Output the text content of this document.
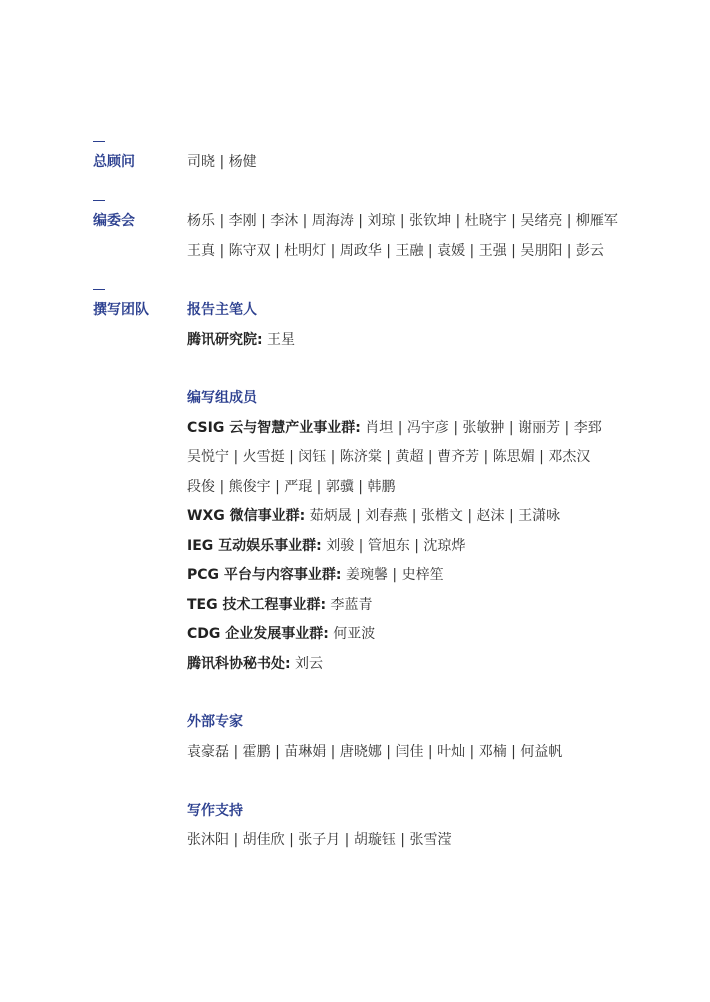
总顾问	司晓 | 杨健
编委会	杨乐 | 李刚 | 李沐 | 周海涛 | 刘琼 | 张钦坤 | 杜晓宇 | 吴绪亮 | 柳雁军
王真 | 陈守双 | 杜明灯 | 周政华 | 王融 | 袁媛 | 王强 | 吴朋阳 | 彭云
撰写团队	报告主笔人
腾讯研究院: 王星
编写组成员
CSIG 云与智慧产业事业群: 肖坦 | 冯宇彦 | 张敏翀 | 谢丽芳 | 李郅
吴悦宁 | 火雪挺 | 闵钰 | 陈济棠 | 黄超 | 曹齐芳 | 陈思媚 | 邓杰汉
段俊 | 熊俊宇 | 严琨 | 郭骥 | 韩鹏
WXG 微信事业群: 茹炳晟 | 刘春燕 | 张楷文 | 赵沫 | 王潇咏
IEG 互动娱乐事业群: 刘骏 | 管旭东 | 沈琼烨
PCG 平台与内容事业群: 姜琬馨 | 史梓笙
TEG 技术工程事业群: 李蓝青
CDG 企业发展事业群: 何亚波
腾讯科协秘书处: 刘云
外部专家
袁豪磊 | 霍鹏 | 苗琳娟 | 唐晓娜 | 闫佳 | 叶灿 | 邓楠 | 何益帆
写作支持
张沐阳 | 胡佳欣 | 张子月 | 胡璇钰 | 张雪滢
